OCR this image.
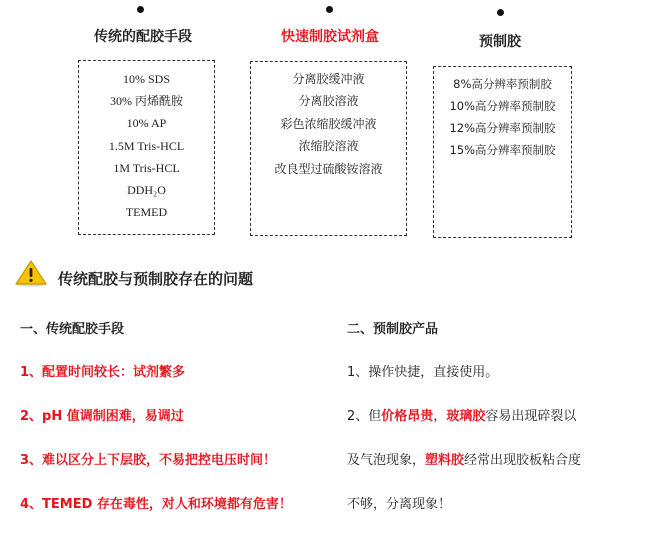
传统的配胶手段	快速制胶试剂盒	预制胶
10% SDS
30% 丙烯酰胺
10% AP
1.5M Tris-HCL
1M Tris-HCL
DDH₂O
TEMED
分离胶缓冲液
分离胶溶液
彩色浓缩胶缓冲液
浓缩胶溶液
改良型过硫酸铵溶液
8%高分辨率预制胶
10%高分辨率预制胶
12%高分辨率预制胶
15%高分辨率预制胶
传统配胶与预制胶存在的问题
一、传统配胶手段	二、预制胶产品
1、配置时间较长：试剂繁多
2、pH 值调制困难，易调过
3、难以区分上下层胶，不易把控电压时间！
4、TEMED 存在毒性，对人和环境都有危害！
1、操作快捷，直接使用。
2、但价格昂贵，玻璃胶容易出现碎裂以
及气泡现象，塑料胶经常出现胶板粘合度
不够，分离现象！
